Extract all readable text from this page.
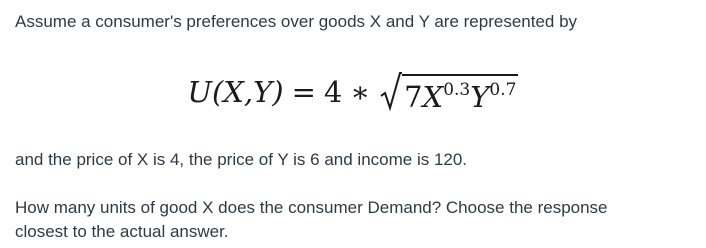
Assume a consumer's preferences over goods X and Y are represented by

U(X,Y) = 4 ∗ $7X^{0.3}Y^{0.7}$

and the price of X is 4, the price of Y is 6 and income is 120.

How many units of good X does the consumer Demand? Choose the response
closest to the actual answer.
